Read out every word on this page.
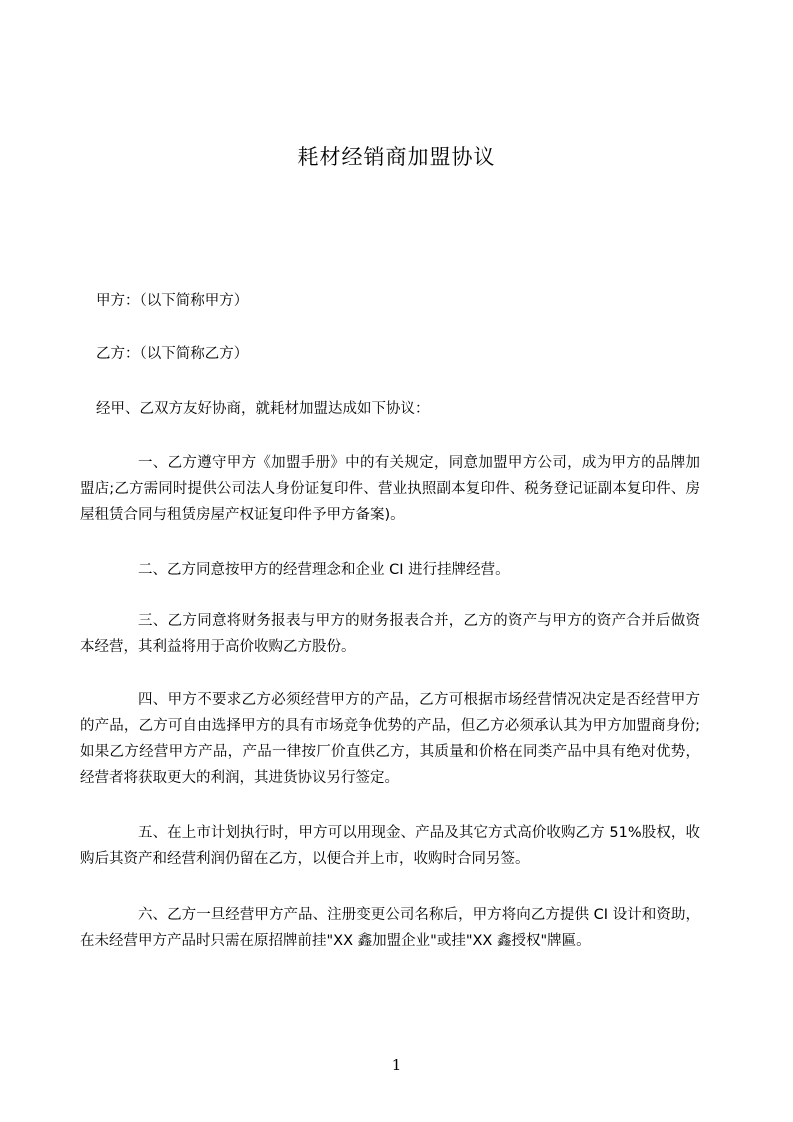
耗材经销商加盟协议
甲方：（以下简称甲方）
乙方：（以下简称乙方）
经甲、乙双方友好协商，就耗材加盟达成如下协议：
一、乙方遵守甲方《加盟手册》中的有关规定，同意加盟甲方公司，成为甲方的品牌加盟店;乙方需同时提供公司法人身份证复印件、营业执照副本复印件、税务登记证副本复印件、房屋租赁合同与租赁房屋产权证复印件予甲方备案)。
二、乙方同意按甲方的经营理念和企业 CI 进行挂牌经营。
三、乙方同意将财务报表与甲方的财务报表合并，乙方的资产与甲方的资产合并后做资本经营，其利益将用于高价收购乙方股份。
四、甲方不要求乙方必须经营甲方的产品，乙方可根据市场经营情况决定是否经营甲方的产品，乙方可自由选择甲方的具有市场竞争优势的产品，但乙方必须承认其为甲方加盟商身份;如果乙方经营甲方产品，产品一律按厂价直供乙方，其质量和价格在同类产品中具有绝对优势，经营者将获取更大的利润，其进货协议另行签定。
五、在上市计划执行时，甲方可以用现金、产品及其它方式高价收购乙方 51%股权，收购后其资产和经营利润仍留在乙方，以便合并上市，收购时合同另签。
六、乙方一旦经营甲方产品、注册变更公司名称后，甲方将向乙方提供 CI 设计和资助，在未经营甲方产品时只需在原招牌前挂"XX 鑫加盟企业"或挂"XX 鑫授权"牌匾。
1
